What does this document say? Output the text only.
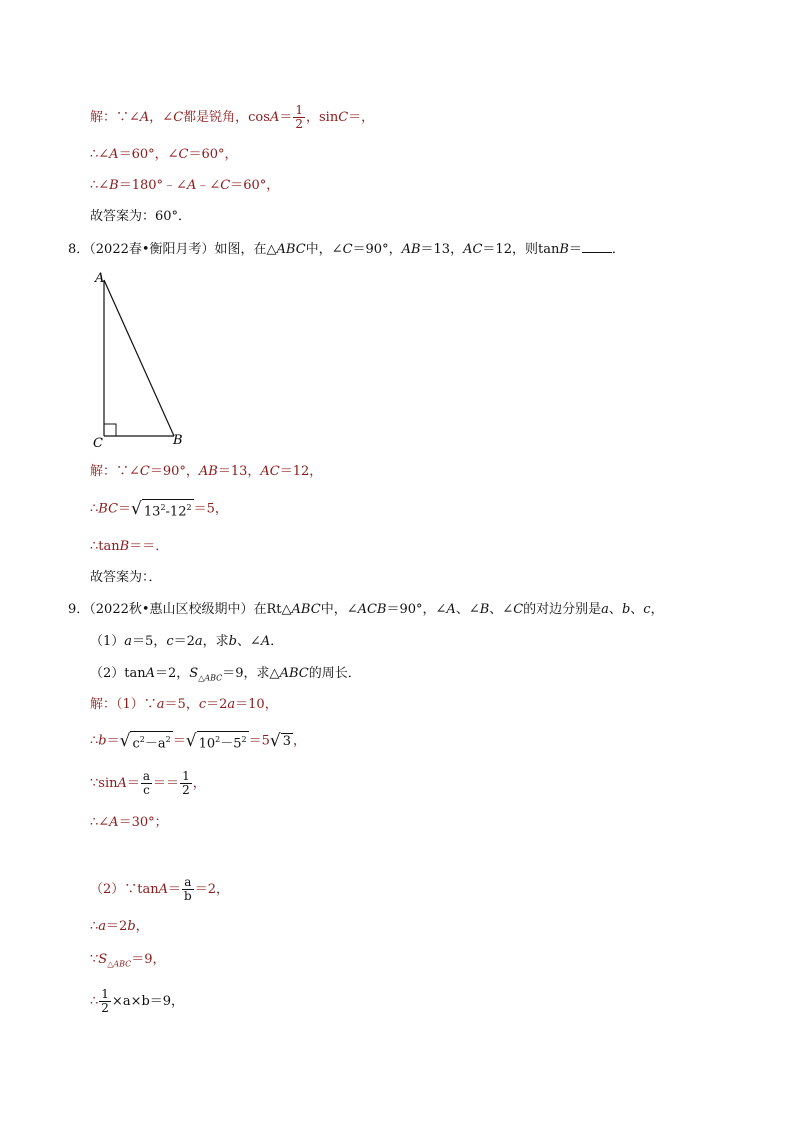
解：∵∠A，∠C都是锐角，$\cos A= \frac{1}{2}$ ，sinC＝，
∴∠A＝60°，∠C＝60°，
∴∠B＝180°﹣∠A﹣∠C＝60°，
故答案为：60°．
8．（2022春•衡阳月考）如图，在△ABC中，∠C＝90°，AB＝13，AC＝12，则tanB＝ ．
A
B
C
解：∵∠C＝90°，AB＝13，AC＝12，
∴BC＝√ $13^2-12^2 =5$，
∴tanB＝＝．
故答案为：．
9．（2022秋•惠山区校级期中）在Rt△ABC中，∠ACB＝90°，∠A、∠B、∠C的对边分别是a、b、c，
（1）a＝5，c＝2a，求b、∠A．
（2）tanA＝2，$S_{\triangle ABC}=9$，求△ABC的周长．
解：（1）∵a＝5，c＝2a＝10，
∴b＝√ $c^2-a^2$ ＝√ $10^2-5^2 =5√$ 3 ，
∵sinA＝ $\frac{a}{c} == \frac{1}{2}$ ，
∴∠A＝30°；
（2）∵tanA＝ $\frac{a}{b} =2$，
∴a＝2b，
$\because S_{\triangle ABC}=9$，
∴ $\frac{1}{2} \times a\times b=9$，
